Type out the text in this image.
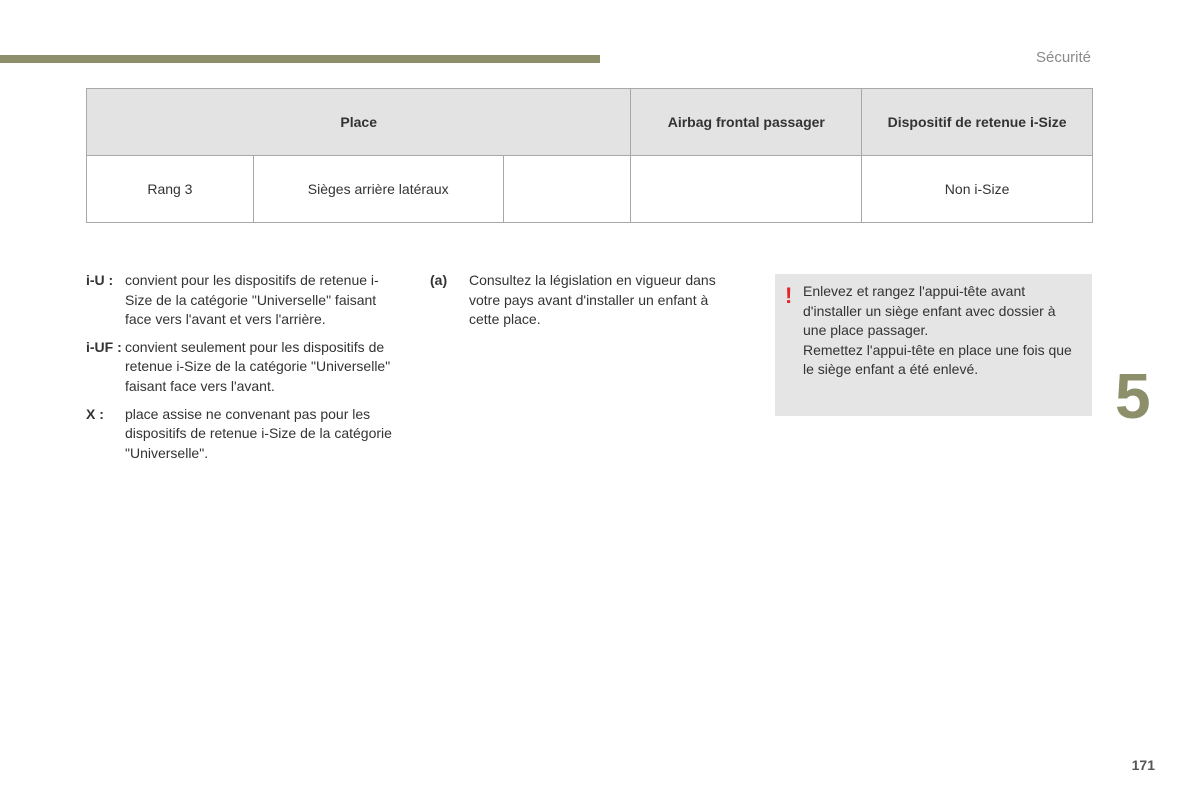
Sécurité
Place			Airbag frontal passager	Dispositif de retenue i-Size
Rang 3	Sièges arrière latéraux			Non i-Size
i-U : convient pour les dispositifs de retenue i-Size de la catégorie "Universelle" faisant face vers l'avant et vers l'arrière.
i-UF : convient seulement pour les dispositifs de retenue i-Size de la catégorie "Universelle" faisant face vers l'avant.
X :	place assise ne convenant pas pour les dispositifs de retenue i-Size de la catégorie "Universelle".
(a)	Consultez la législation en vigueur dans votre pays avant d'installer un enfant à cette place.
! Enlevez et rangez l'appui-tête avant d'installer un siège enfant avec dossier à une place passager.
Remettez l'appui-tête en place une fois que le siège enfant a été enlevé.	5
171
